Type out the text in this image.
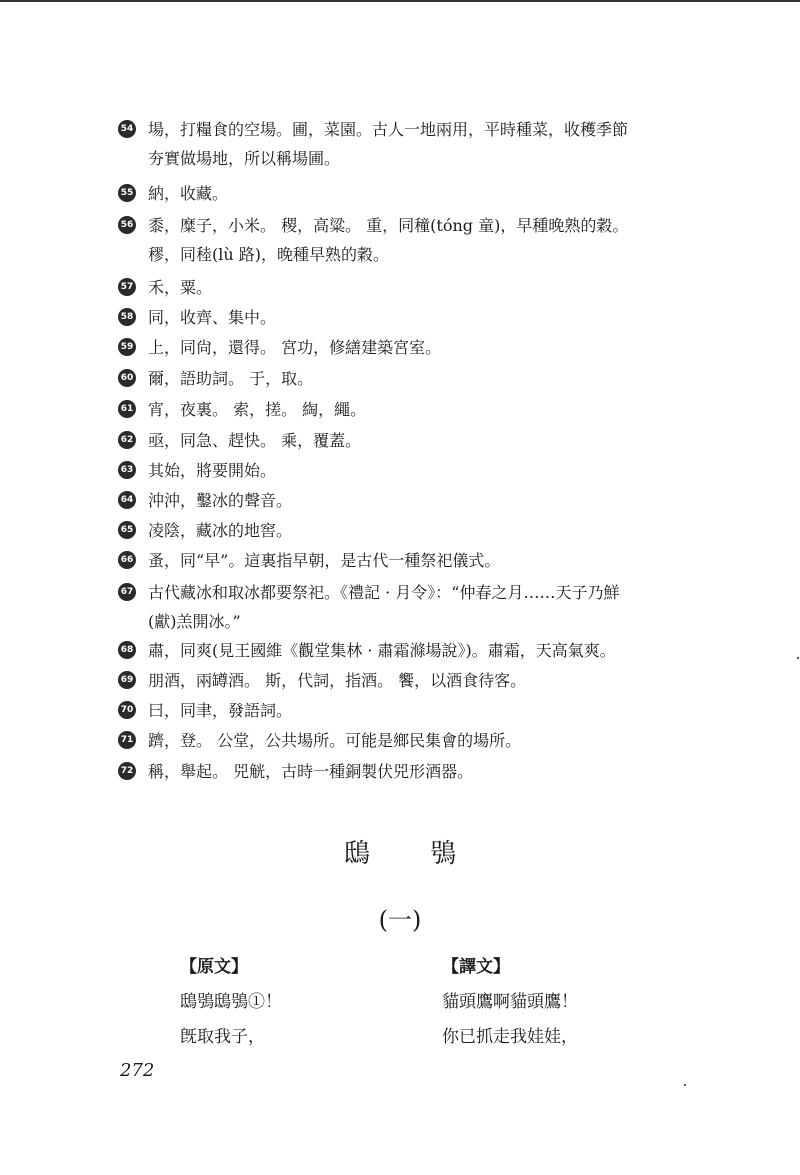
54 場，打糧食的空場。圃，菜園。古人一地兩用，平時種菜，收穫季節
夯實做場地，所以稱場圃。
55 納，收藏。
56 黍，糜子，小米。 稷，高粱。 重，同穜(tóng 童)，早種晚熟的穀。
穋，同稑(lù 路)，晚種早熟的穀。
57 禾，粟。
58 同，收齊、集中。
59 上，同尙，還得。 宮功，修繕建築宮室。
60 爾，語助詞。 于，取。
61 宵，夜裏。 索，搓。 綯，繩。
62 亟，同急、趕快。 乘，覆蓋。
63 其始，將要開始。
64 沖沖，鑿冰的聲音。
65 凌陰，藏冰的地窖。
66 蚤，同“早”。這裏指早朝，是古代一種祭祀儀式。
67 古代藏冰和取冰都要祭祀。《禮記 · 月令》：“仲春之月……天子乃鮮
(獻)羔開冰。”
68 肅，同爽(見王國維《觀堂集林 · 肅霜滌場說》)。肅霜，天高氣爽。
69 朋酒，兩罇酒。 斯，代詞，指酒。 饗，以酒食待客。
70 曰，同聿，發語詞。
71 躋，登。 公堂，公共場所。可能是鄉民集會的場所。
72 稱，舉起。 兕觥，古時一種銅製伏兕形酒器。
鴟鴞
(一)
【原文】
鴟鴞鴟鴞①！
旣取我子，
【譯文】
貓頭鷹啊貓頭鷹！
你已抓走我娃娃，
272
